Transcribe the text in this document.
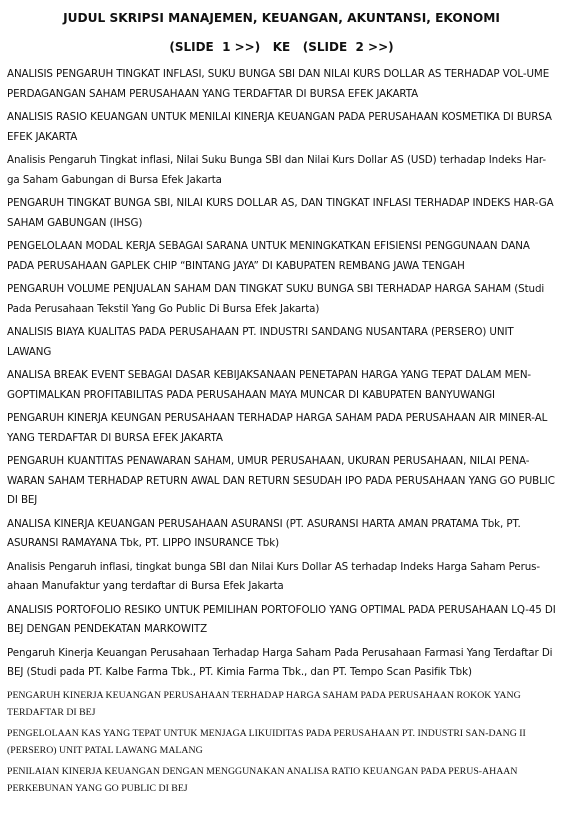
JUDUL SKRIPSI MANAJEMEN, KEUANGAN, AKUNTANSI, EKONOMI
(SLIDE  1 >>)   KE   (SLIDE  2 >>)
ANALISIS PENGARUH TINGKAT INFLASI, SUKU BUNGA SBI DAN NILAI KURS DOLLAR AS TERHADAP VOL-UME PERDAGANGAN SAHAM PERUSAHAAN YANG TERDAFTAR DI BURSA EFEK JAKARTA
ANALISIS RASIO KEUANGAN UNTUK MENILAI KINERJA KEUANGAN PADA PERUSAHAAN KOSMETIKA DI BURSA EFEK JAKARTA
Analisis Pengaruh Tingkat inflasi, Nilai Suku Bunga SBI dan Nilai Kurs Dollar AS (USD) terhadap Indeks Har-ga Saham Gabungan di Bursa Efek Jakarta
PENGARUH TINGKAT BUNGA SBI, NILAI KURS DOLLAR AS, DAN TINGKAT INFLASI TERHADAP INDEKS HAR-GA SAHAM GABUNGAN (IHSG)
PENGELOLAAN MODAL KERJA SEBAGAI SARANA UNTUK MENINGKATKAN EFISIENSI PENGGUNAAN DANA PADA PERUSAHAAN GAPLEK CHIP “BINTANG JAYA” DI KABUPATEN REMBANG JAWA TENGAH
PENGARUH VOLUME PENJUALAN SAHAM DAN TINGKAT SUKU BUNGA SBI TERHADAP HARGA SAHAM (Studi Pada Perusahaan Tekstil Yang Go Public Di Bursa Efek Jakarta)
ANALISIS BIAYA KUALITAS PADA PERUSAHAAN PT. INDUSTRI SANDANG NUSANTARA (PERSERO) UNIT LAWANG
ANALISA BREAK EVENT SEBAGAI DASAR KEBIJAKSANAAN PENETAPAN HARGA YANG TEPAT DALAM MEN-GOPTIMALKAN PROFITABILITAS PADA PERUSAHAAN MAYA MUNCAR DI KABUPATEN BANYUWANGI
PENGARUH KINERJA KEUNGAN PERUSAHAAN TERHADAP HARGA SAHAM PADA PERUSAHAAN AIR MINER-AL YANG TERDAFTAR DI BURSA EFEK JAKARTA
PENGARUH KUANTITAS PENAWARAN SAHAM, UMUR PERUSAHAAN, UKURAN PERUSAHAAN, NILAI PENA-WARAN SAHAM TERHADAP RETURN AWAL DAN RETURN SESUDAH IPO PADA PERUSAHAAN YANG GO PUBLIC DI BEJ
ANALISA KINERJA KEUANGAN PERUSAHAAN ASURANSI (PT. ASURANSI HARTA AMAN PRATAMA Tbk, PT. ASURANSI RAMAYANA Tbk, PT. LIPPO INSURANCE Tbk)
Analisis Pengaruh inflasi, tingkat bunga SBI dan Nilai Kurs Dollar AS terhadap Indeks Harga Saham Perus-ahaan Manufaktur yang terdaftar di Bursa Efek Jakarta
ANALISIS PORTOFOLIO RESIKO UNTUK PEMILIHAN PORTOFOLIO YANG OPTIMAL PADA PERUSAHAAN LQ-45 DI BEJ DENGAN PENDEKATAN MARKOWITZ
Pengaruh Kinerja Keuangan Perusahaan Terhadap Harga Saham Pada Perusahaan Farmasi Yang Terdaftar Di BEJ (Studi pada PT. Kalbe Farma Tbk., PT. Kimia Farma Tbk., dan PT. Tempo Scan Pasifik Tbk)
PENGARUH KINERJA KEUANGAN PERUSAHAAN TERHADAP HARGA SAHAM PADA PERUSAHAAN ROKOK YANG TERDAFTAR DI BEJ
PENGELOLAAN KAS YANG TEPAT UNTUK MENJAGA LIKUIDITAS PADA PERUSAHAAN PT. INDUSTRI SAN-DANG II (PERSERO) UNIT PATAL LAWANG MALANG
PENILAIAN KINERJA KEUANGAN DENGAN MENGGUNAKAN ANALISA RATIO KEUANGAN PADA PERUS-AHAAN PERKEBUNAN YANG GO PUBLIC DI BEJ
